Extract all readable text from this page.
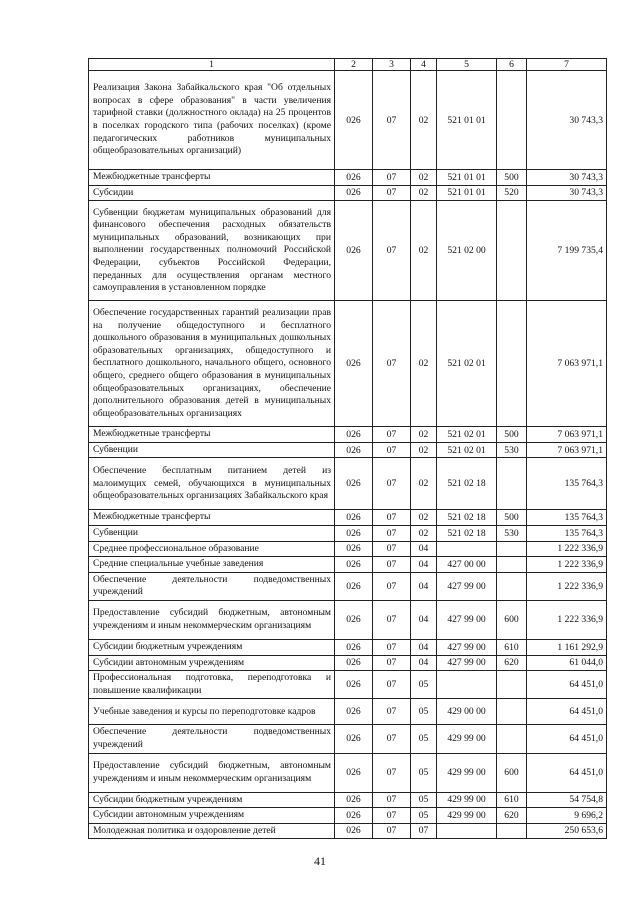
1	2	3	4	5	6	7
Реализация Закона Забайкальского края "Об отдельных вопросах в сфере образования" в части увеличения тарифной ставки (должностного оклада) на 25 процентов в поселках городского типа (рабочих поселках) (кроме педагогических работников муниципальных общеобразовательных организаций)	026	07	02	521 01 01		30 743,3
Межбюджетные трансферты	026	07	02	521 01 01	500	30 743,3
Субсидии	026	07	02	521 01 01	520	30 743,3
Субвенции бюджетам муниципальных образований для финансового обеспечения расходных обязательств муниципальных образований, возникающих при выполнении государственных полномочий Российской Федерации, субъектов Российской Федерации, переданных для осуществления органам местного самоуправления в установленном порядке	026	07	02	521 02 00		7 199 735,4
Обеспечение государственных гарантий реализации прав на получение общедоступного и бесплатного дошкольного образования в муниципальных дошкольных образовательных организациях, общедоступного и бесплатного дошкольного, начального общего, основного общего, среднего общего образования в муниципальных общеобразовательных организациях, обеспечение дополнительного образования детей в муниципальных общеобразовательных организациях	026	07	02	521 02 01		7 063 971,1
Межбюджетные трансферты	026	07	02	521 02 01	500	7 063 971,1
Субвенции	026	07	02	521 02 01	530	7 063 971,1
Обеспечение бесплатным питанием детей из малоимущих семей, обучающихся в муниципальных общеобразовательных организациях Забайкальского края	026	07	02	521 02 18		135 764,3
Межбюджетные трансферты	026	07	02	521 02 18	500	135 764,3
Субвенции	026	07	02	521 02 18	530	135 764,3
Среднее профессиональное образование	026	07	04			1 222 336,9
Средние специальные учебные заведения	026	07	04	427 00 00		1 222 336,9
Обеспечение деятельности подведомственных учреждений	026	07	04	427 99 00		1 222 336,9
Предоставление субсидий бюджетным, автономным учреждениям и иным некоммерческим организациям	026	07	04	427 99 00	600	1 222 336,9
Субсидии бюджетным учреждениям	026	07	04	427 99 00	610	1 161 292,9
Субсидии автономным учреждениям	026	07	04	427 99 00	620	61 044,0
Профессиональная подготовка, переподготовка и повышение квалификации	026	07	05			64 451,0
Учебные заведения и курсы по переподготовке кадров	026	07	05	429 00 00		64 451,0
Обеспечение деятельности подведомственных учреждений	026	07	05	429 99 00		64 451,0
Предоставление субсидий бюджетным, автономным учреждениям и иным некоммерческим организациям	026	07	05	429 99 00	600	64 451,0
Субсидии бюджетным учреждениям	026	07	05	429 99 00	610	54 754,8
Субсидии автономным учреждениям	026	07	05	429 99 00	620	9 696,2
Молодежная политика и оздоровление детей	026	07	07			250 653,6
41
